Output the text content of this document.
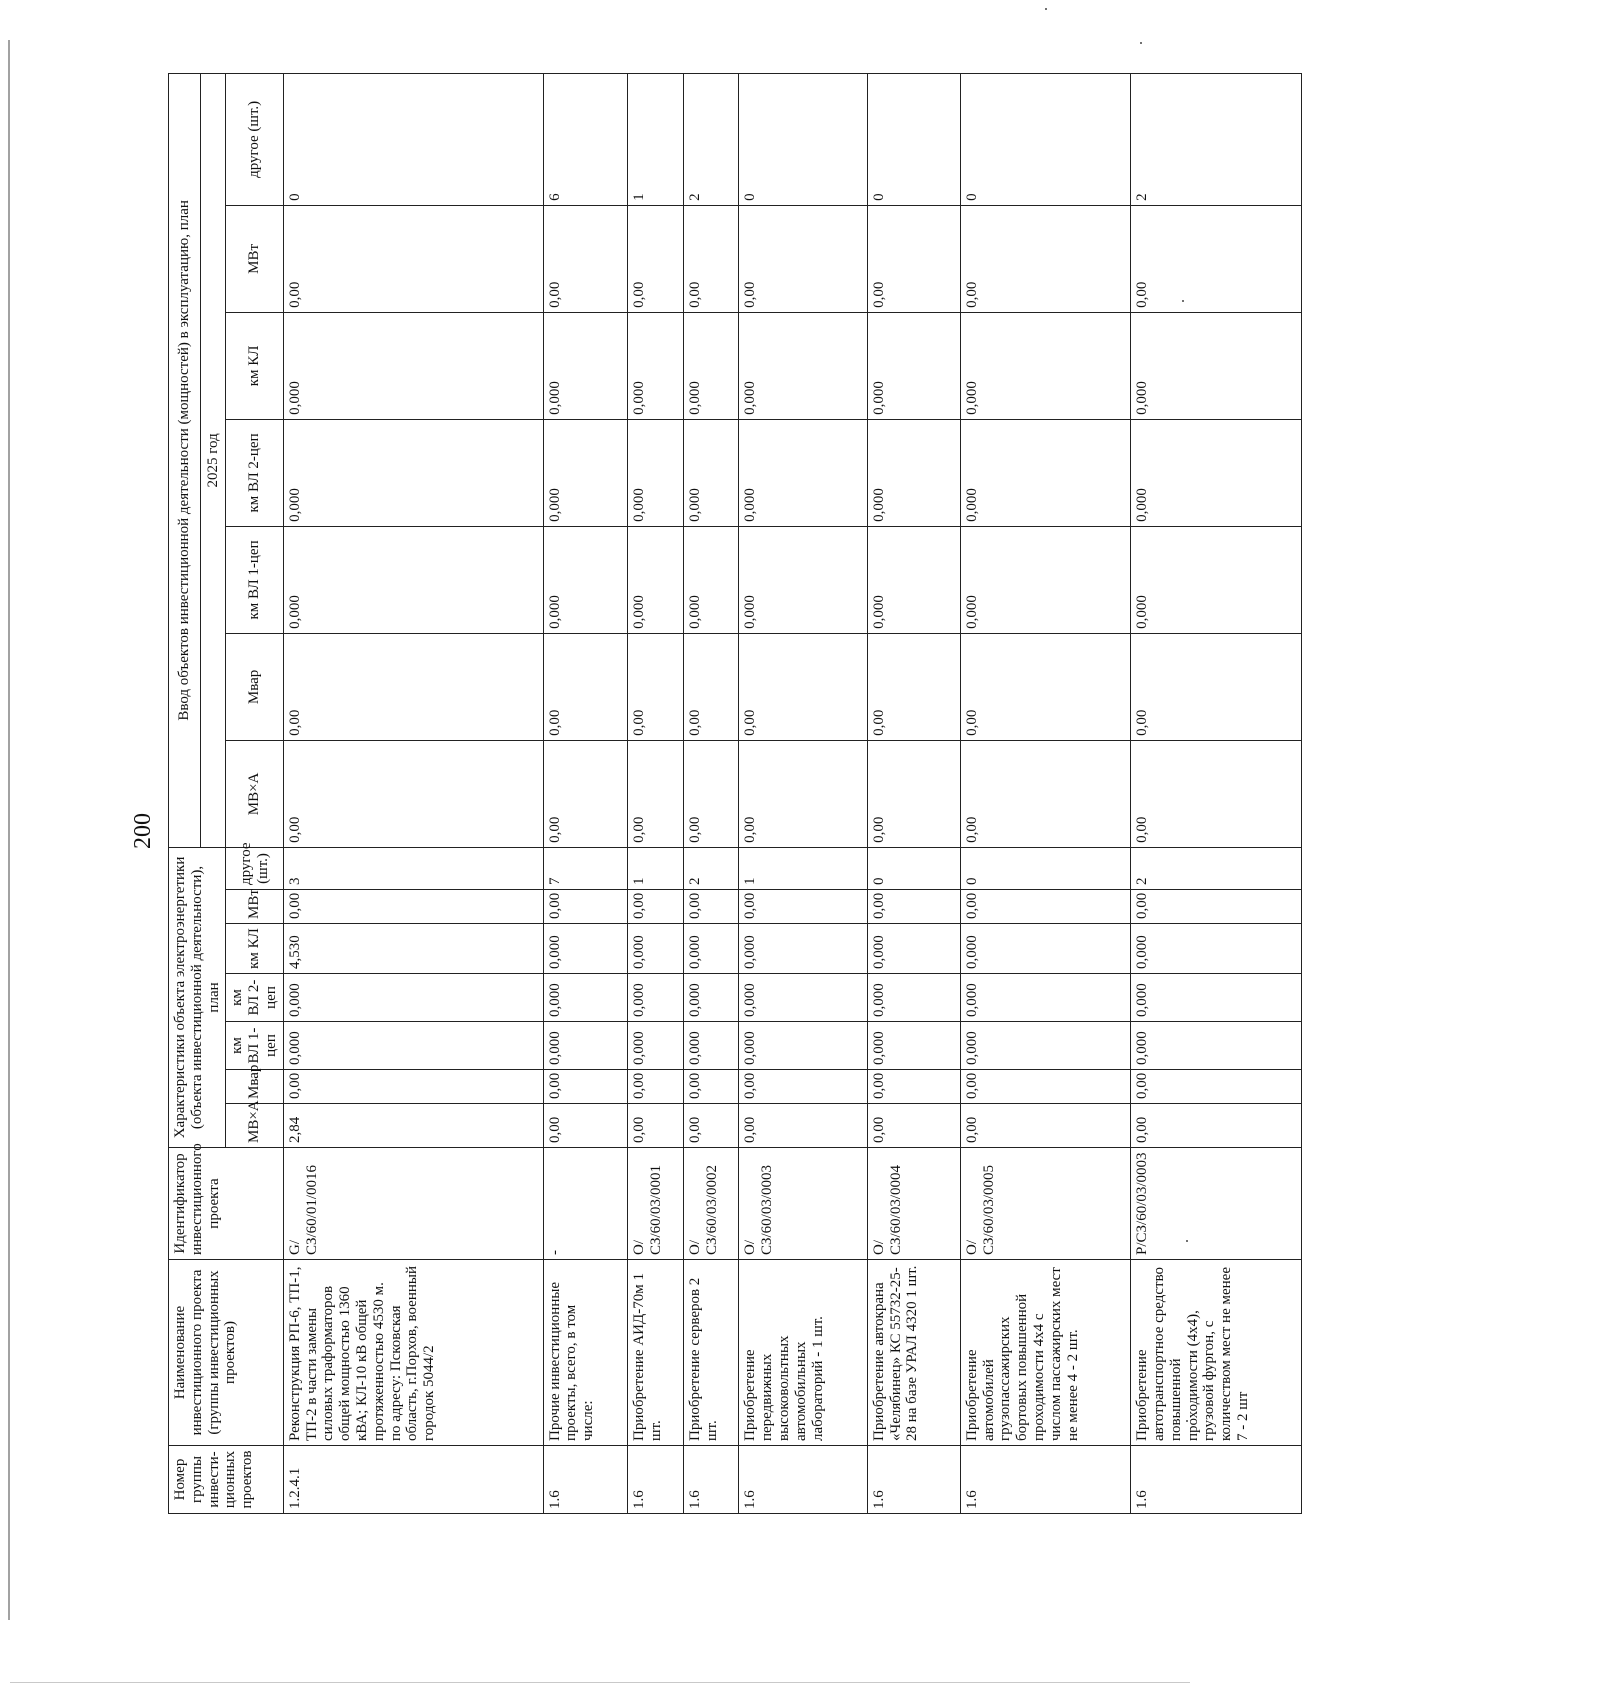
200
Номер группы инвести-ционных проектов	Наименование инвестиционного проекта (группы инвестиционных проектов)	Идентификатор инвестиционного проекта	Характеристики объекта электроэнергетики (объекта инвестиционной деятельности), план							Ввод объектов инвестиционной деятельности (мощностей) в эксплуатацию, план						
										2025 год						
			МВ×А	Мвар	км ВЛ 1-цеп	км ВЛ 2-цеп	км КЛ	МВт	другое (шт.)	МВ×А	Мвар	км ВЛ 1-цеп	км ВЛ 2-цеп	км КЛ	МВт	другое (шт.)
1.2.4.1	Реконструкция РП-6, ТП-1, ТП-2 в части замены силовых траформаторов общей мощностью 1360 кВА; КЛ-10 кВ общей протяженностью 4530 м. по адресу: Псковская область, г.Порхов, военный городок 5044/2	G/СЗ/60/01/0016	2,84	0,00	0,000	0,000	4,530	0,00	3	0,00	0,00	0,000	0,000	0,000	0,00	0
1.6	Прочие инвестиционные проекты, всего, в том числе:	-	0,00	0,00	0,000	0,000	0,000	0,00	7	0,00	0,00	0,000	0,000	0,000	0,00	6
1.6	Приобретение АИД-70м 1 шт.	O/СЗ/60/03/0001	0,00	0,00	0,000	0,000	0,000	0,00	1	0,00	0,00	0,000	0,000	0,000	0,00	1
1.6	Приобретение серверов 2 шт.	O/СЗ/60/03/0002	0,00	0,00	0,000	0,000	0,000	0,00	2	0,00	0,00	0,000	0,000	0,000	0,00	2
1.6	Приобретение передвижных высоковольтных автомобильных лабораторий - 1 шт.	O/СЗ/60/03/0003	0,00	0,00	0,000	0,000	0,000	0,00	1	0,00	0,00	0,000	0,000	0,000	0,00	0
1.6	Приобретение автокрана «Челябинец» КС 55732-25-28 на базе УРАЛ 4320 1 шт.	O/СЗ/60/03/0004	0,00	0,00	0,000	0,000	0,000	0,00	0	0,00	0,00	0,000	0,000	0,000	0,00	0
1.6	Приобретение автомобилей грузопассажирских бортовых повышенной проходимости 4х4 с числом пассажирских мест не менее 4 - 2 шт.	O/СЗ/60/03/0005	0,00	0,00	0,000	0,000	0,000	0,00	0	0,00	0,00	0,000	0,000	0,000	0,00	0
1.6	Приобретение автотранспортное средство повышенной проходимости (4х4), грузовой фургон, с количеством мест не менее 7 - 2 шт	P/СЗ/60/03/0003	0,00	0,00	0,000	0,000	0,000	0,00	2	0,00	0,00	0,000	0,000	0,000	0,00	2
